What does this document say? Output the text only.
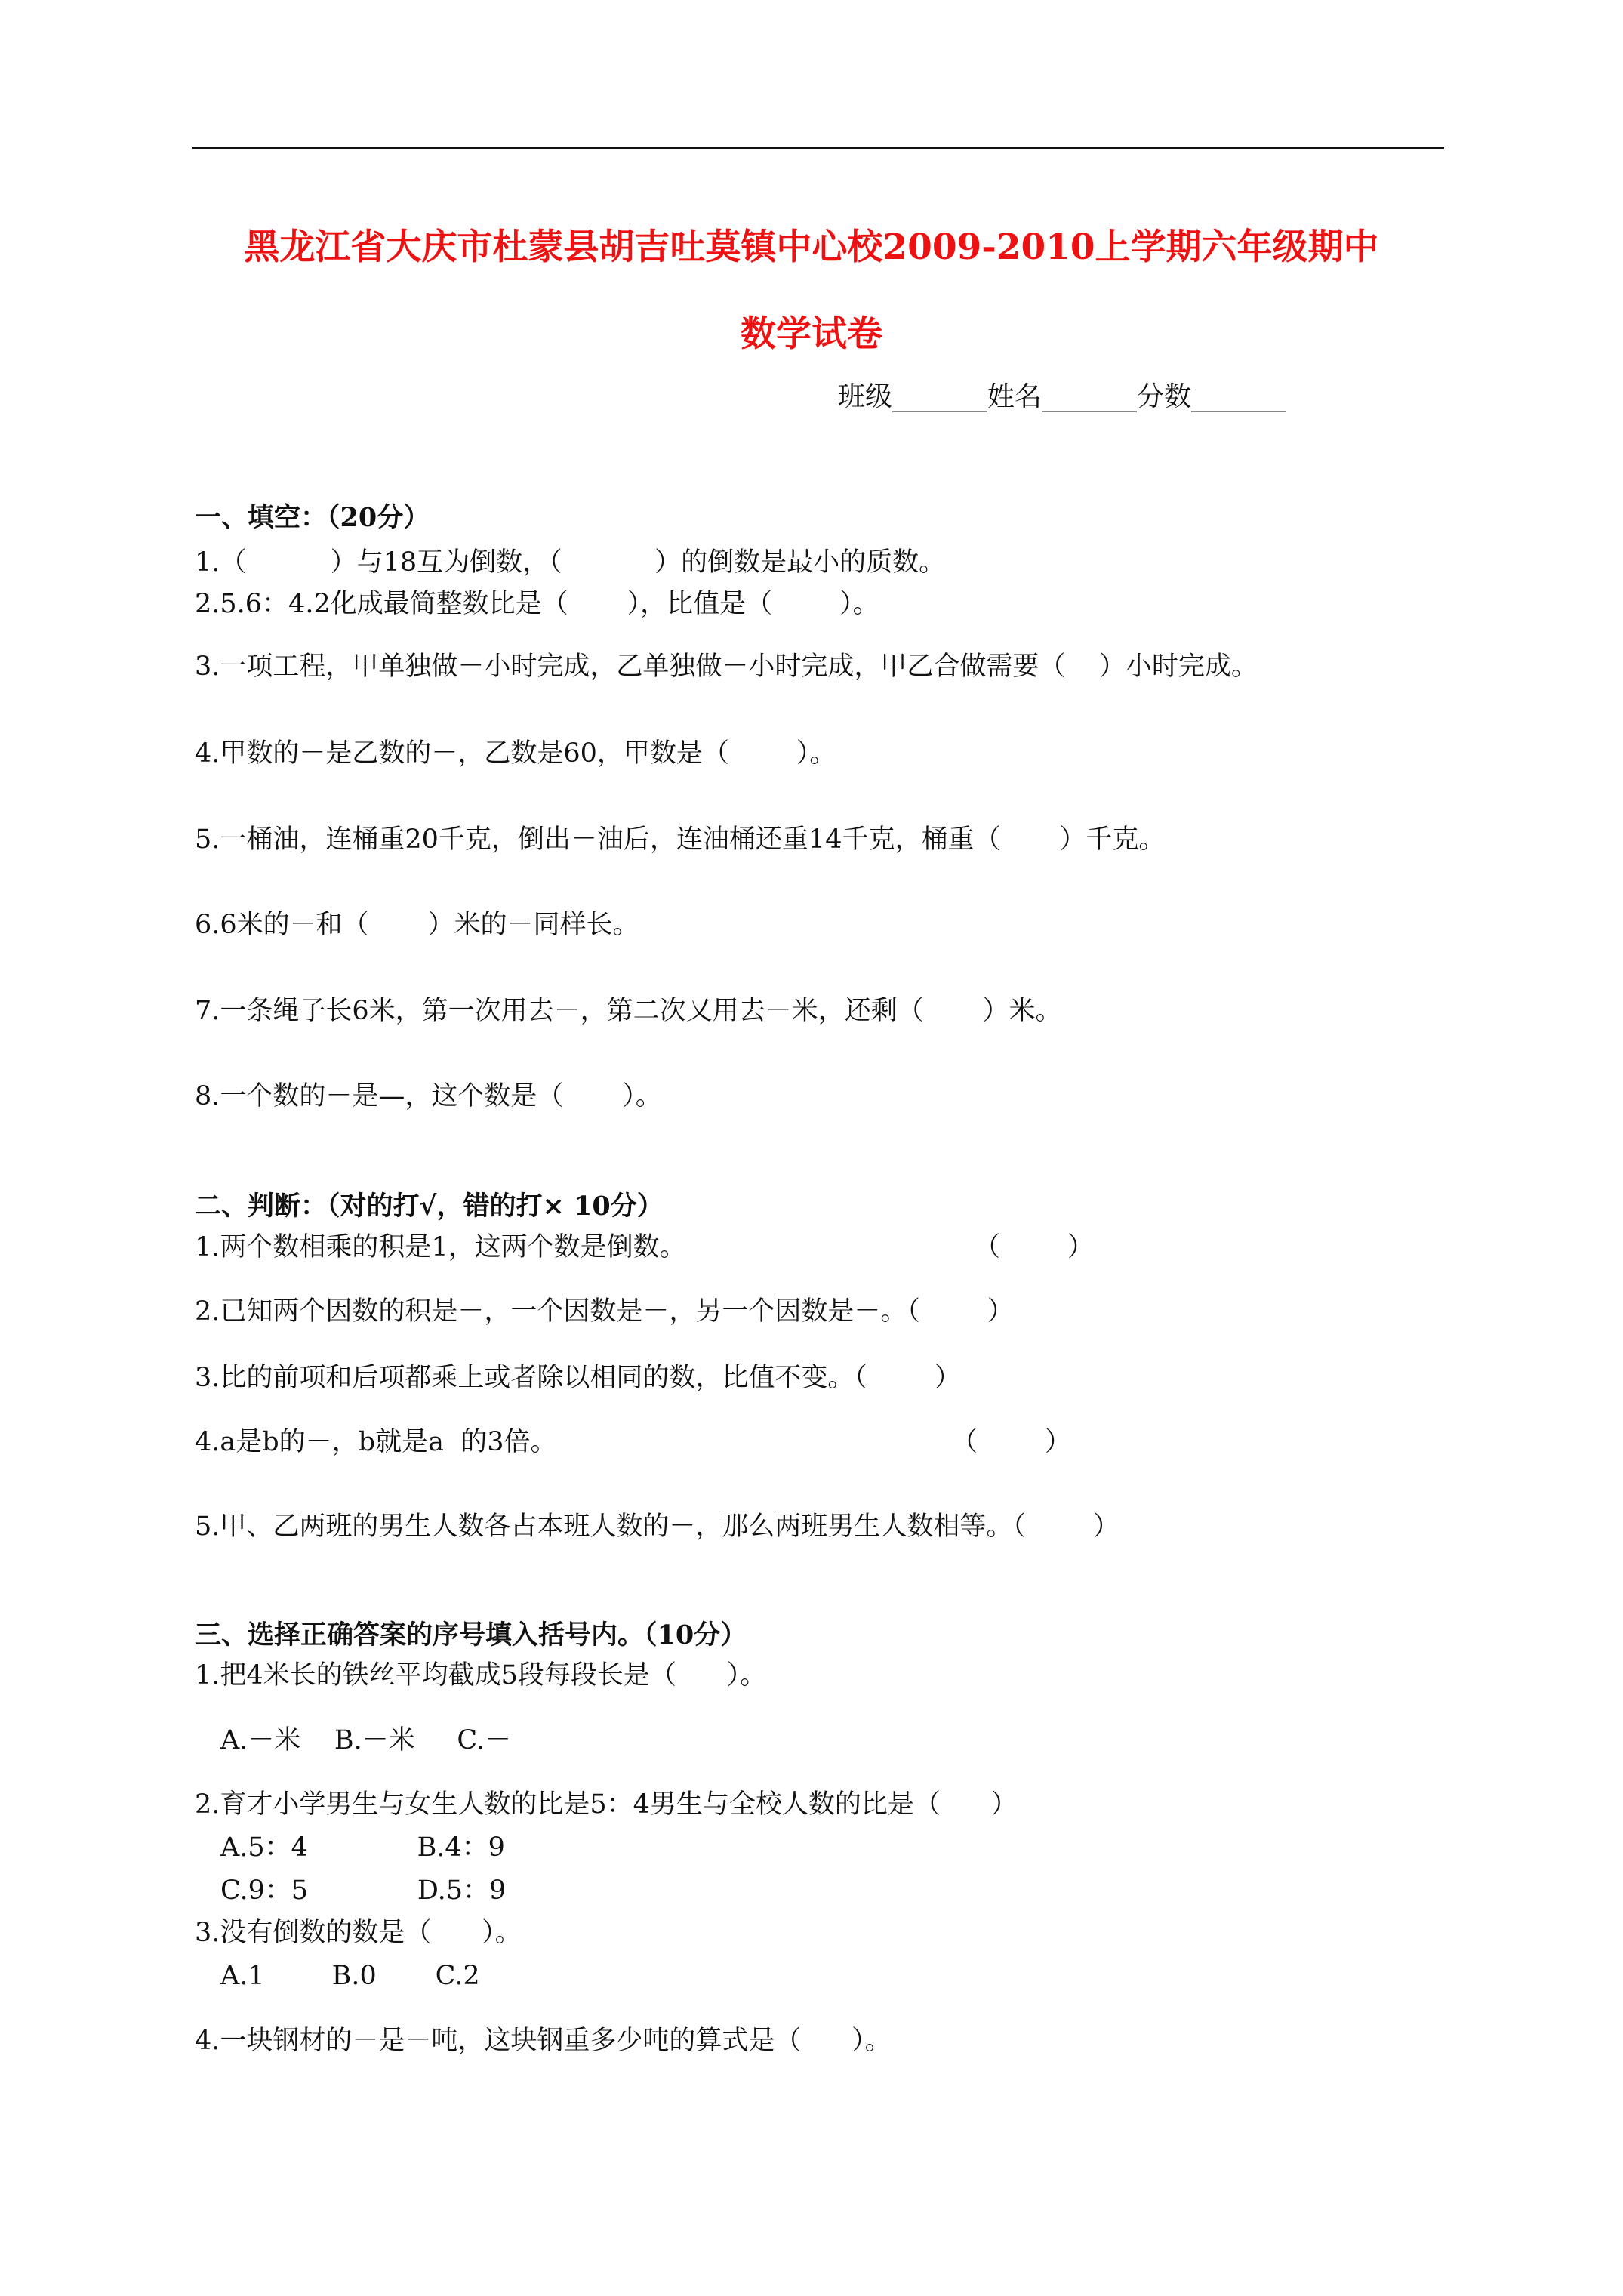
黑龙江省大庆市杜蒙县胡吉吐莫镇中心校2009-2010上学期六年级期中
数学试卷
班级_______姓名_______分数_______
一、填空：（20分）
1.（          ）与18互为倒数，（           ）的倒数是最小的质数。
2.5.6：4.2化成最简整数比是（       ），比值是（        ）。
3.一项工程，甲单独做－小时完成，乙单独做－小时完成，甲乙合做需要（    ）小时完成。
4.甲数的－是乙数的－，乙数是60，甲数是（        ）。
5.一桶油，连桶重20千克，倒出－油后，连油桶还重14千克，桶重（       ）千克。
6.6米的－和（       ）米的－同样长。
7.一条绳子长6米，第一次用去－，第二次又用去－米，还剩（       ）米。
8.一个数的－是—，这个数是（       ）。
二、判断：（对的打√，错的打× 10分）
1.两个数相乘的积是1，这两个数是倒数。	（        ）
2.已知两个因数的积是－，一个因数是－，另一个因数是－。（        ）
3.比的前项和后项都乘上或者除以相同的数，比值不变。（        ）
4.a是b的－，b就是a  的3倍。	（        ）
5.甲、乙两班的男生人数各占本班人数的－，那么两班男生人数相等。（        ）
三、选择正确答案的序号填入括号内。（10分）
1.把4米长的铁丝平均截成5段每段长是（      ）。
A.－米    B.－米     C.－
2.育才小学男生与女生人数的比是5：4男生与全校人数的比是（      ）
A.5：4             B.4：9
C.9：5             D.5：9
3.没有倒数的数是（      ）。
A.1        B.0       C.2
4.一块钢材的－是－吨，这块钢重多少吨的算式是（      ）。
